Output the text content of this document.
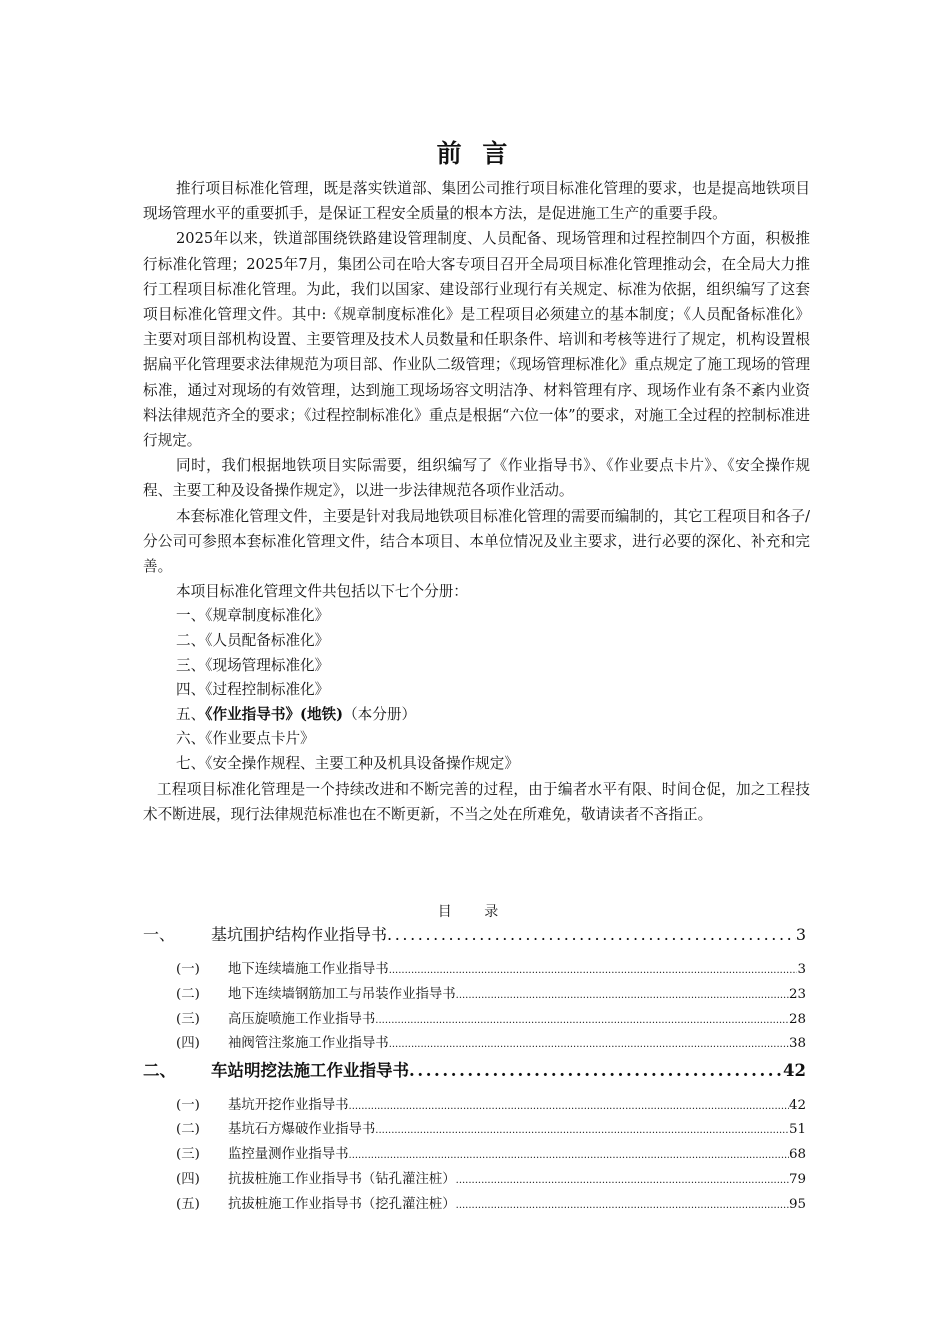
前 言

推行项目标准化管理，既是落实铁道部、集团公司推行项目标准化管理的要求，也是提高地铁项目现场管理水平的重要抓手，是保证工程安全质量的根本方法，是促进施工生产的重要手段。

2025年以来，铁道部围绕铁路建设管理制度、人员配备、现场管理和过程控制四个方面，积极推行标准化管理；2025年7月，集团公司在哈大客专项目召开全局项目标准化管理推动会，在全局大力推行工程项目标准化管理。为此，我们以国家、建设部行业现行有关规定、标准为依据，组织编写了这套项目标准化管理文件。其中:《规章制度标准化》是工程项目必须建立的基本制度；《人员配备标准化》主要对项目部机构设置、主要管理及技术人员数量和任职条件、培训和考核等进行了规定，机构设置根据扁平化管理要求法律规范为项目部、作业队二级管理；《现场管理标准化》重点规定了施工现场的管理标准，通过对现场的有效管理，达到施工现场场容文明洁净、材料管理有序、现场作业有条不紊内业资料法律规范齐全的要求；《过程控制标准化》重点是根据“六位一体”的要求，对施工全过程的控制标准进行规定。

同时，我们根据地铁项目实际需要，组织编写了《作业指导书》、《作业要点卡片》、《安全操作规程、主要工种及设备操作规定》，以进一步法律规范各项作业活动。

本套标准化管理文件，主要是针对我局地铁项目标准化管理的需要而编制的，其它工程项目和各子/分公司可参照本套标准化管理文件，结合本项目、本单位情况及业主要求，进行必要的深化、补充和完善。

本项目标准化管理文件共包括以下七个分册：

一、《规章制度标准化》

二、《人员配备标准化》

三、《现场管理标准化》

四、《过程控制标准化》

五、《作业指导书》(地铁)（本分册）

六、《作业要点卡片》

七、《安全操作规程、主要工种及机具设备操作规定》

工程项目标准化管理是一个持续改进和不断完善的过程，由于编者水平有限、时间仓促，加之工程技术不断进展，现行法律规范标准也在不断更新，不当之处在所难免，敬请读者不吝指正。

目 录
一、	基坑围护结构作业指导书 .....	3
(一)	地下连续墙施工作业指导书 .....	3
(二)	地下连续墙钢筋加工与吊装作业指导书 .....	23
(三)	高压旋喷施工作业指导书 .....	28
(四)	袖阀管注浆施工作业指导书 .....	38
二、	车站明挖法施工作业指导书 .....	42
(一)	基坑开挖作业指导书 .....	42
(二)	基坑石方爆破作业指导书 .....	51
(三)	监控量测作业指导书 .....	68
(四)	抗拔桩施工作业指导书（钻孔灌注桩） .....	79
(五)	抗拔桩施工作业指导书（挖孔灌注桩） .....	95
